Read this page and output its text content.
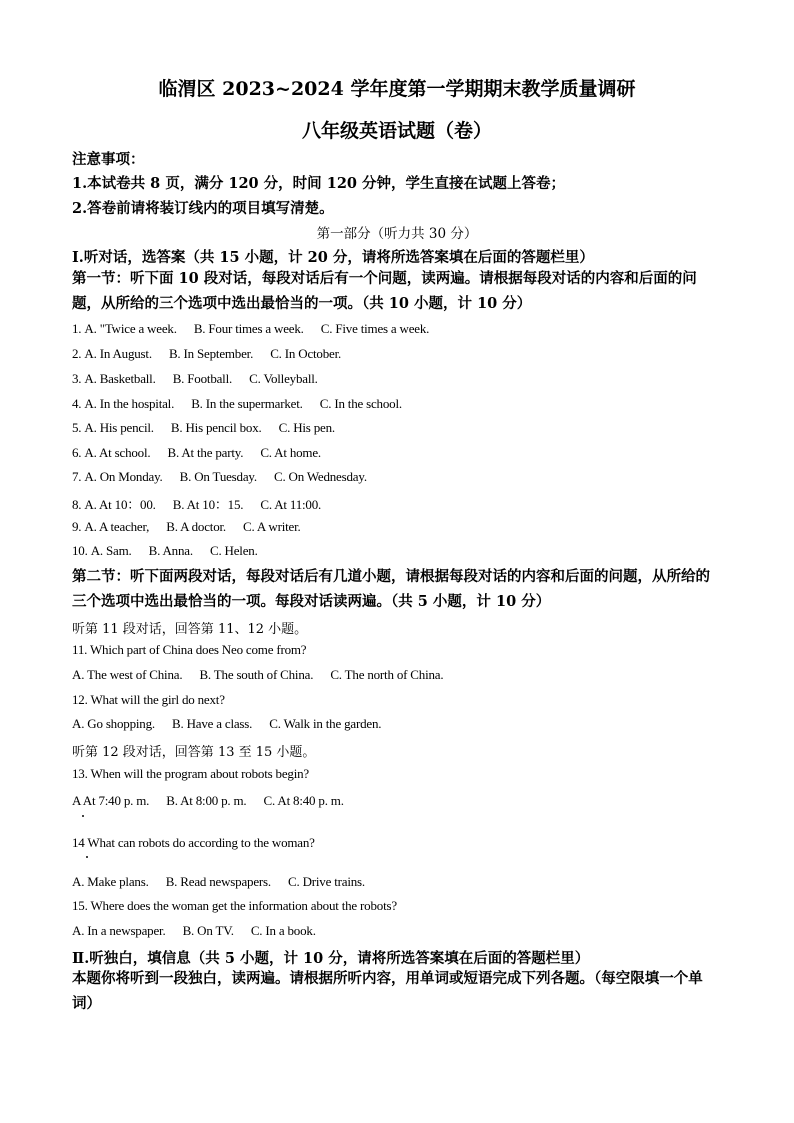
临渭区 2023~2024 学年度第一学期期末教学质量调研
八年级英语试题（卷）
注意事项：
1.本试卷共 8 页，满分 120 分，时间 120 分钟，学生直接在试题上答卷；
2.答卷前请将装订线内的项目填写清楚。
第一部分（听力共 30 分）
Ⅰ.听对话，选答案（共 15 小题，计 20 分，请将所选答案填在后面的答题栏里）
第一节：听下面 10 段对话，每段对话后有一个问题，读两遍。请根据每段对话的内容和后面的问题，从所给的三个选项中选出最恰当的一项。（共 10 小题，计 10 分）
1. A. "Twice a week. B. Four times a week. C. Five times a week.
2. A. In August. B. In September. C. In October.
3. A. Basketball. B. Football. C. Volleyball.
4. A. In the hospital. B. In the supermarket. C. In the school.
5. A. His pencil. B. His pencil box. C. His pen.
6. A. At school. B. At the party. C. At home.
7. A. On Monday. B. On Tuesday. C. On Wednesday.
8. A. At 10：00. B. At 10：15. C. At 11:00.
9. A. A teacher, B. A doctor. C. A writer.
10. A. Sam. B. Anna. C. Helen.
第二节：听下面两段对话，每段对话后有几道小题，请根据每段对话的内容和后面的问题，从所给的三个选项中选出最恰当的一项。每段对话读两遍。（共 5 小题，计 10 分）
听第 11 段对话，回答第 11、12 小题。
11. Which part of China does Neo come from?
A. The west of China. B. The south of China. C. The north of China.
12. What will the girl do next?
A. Go shopping. B. Have a class. C. Walk in the garden.
听第 12 段对话，回答第 13 至 15 小题。
13. When will the program about robots begin?
A At 7:40 p. m. B. At 8:00 p. m. C. At 8:40 p. m.
14 What can robots do according to the woman?
A. Make plans. B. Read newspapers. C. Drive trains.
15. Where does the woman get the information about the robots?
A. In a newspaper. B. On TV. C. In a book.
Ⅱ.听独白，填信息（共 5 小题，计 10 分，请将所选答案填在后面的答题栏里）
本题你将听到一段独白，读两遍。请根据所听内容，用单词或短语完成下列各题。（每空限填一个单词）
